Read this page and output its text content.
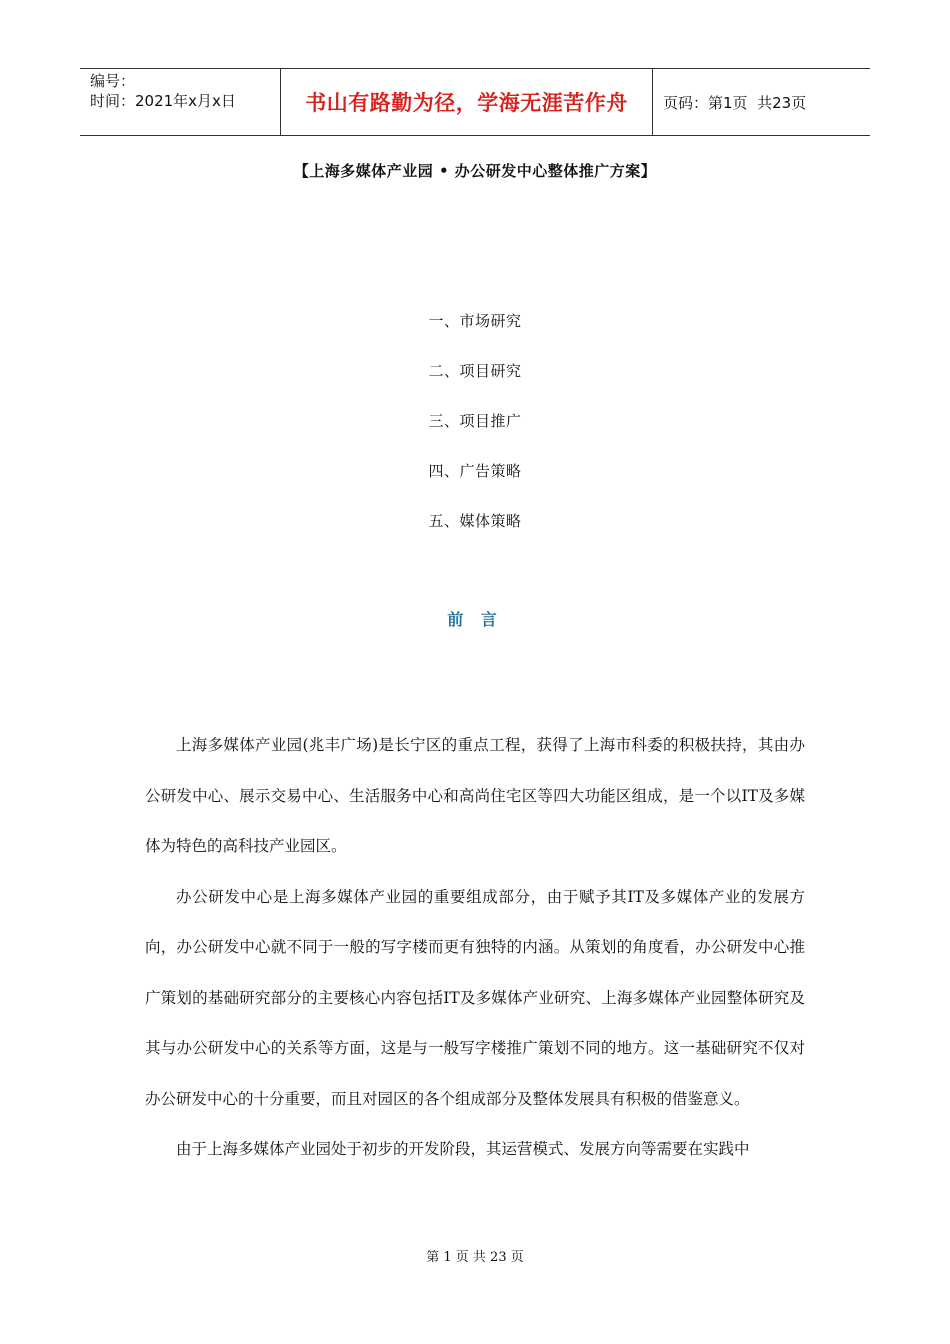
编号：
时间：2021年x月x日	书山有路勤为径，学海无涯苦作舟	页码：第1页  共23页
【上海多媒体产业园 • 办公研发中心整体推广方案】
一、市场研究
二、项目研究
三、项目推广
四、广告策略
五、媒体策略
前 言

上海多媒体产业园(兆丰广场)是长宁区的重点工程，获得了上海市科委的积极扶持，其由办公研发中心、展示交易中心、生活服务中心和高尚住宅区等四大功能区组成，是一个以IT及多媒体为特色的高科技产业园区。

办公研发中心是上海多媒体产业园的重要组成部分，由于赋予其IT及多媒体产业的发展方向，办公研发中心就不同于一般的写字楼而更有独特的内涵。从策划的角度看，办公研发中心推广策划的基础研究部分的主要核心内容包括IT及多媒体产业研究、上海多媒体产业园整体研究及其与办公研发中心的关系等方面，这是与一般写字楼推广策划不同的地方。这一基础研究不仅对办公研发中心的十分重要，而且对园区的各个组成部分及整体发展具有积极的借鉴意义。

由于上海多媒体产业园处于初步的开发阶段，其运营模式、发展方向等需要在实践中

第 1 页 共 23 页
